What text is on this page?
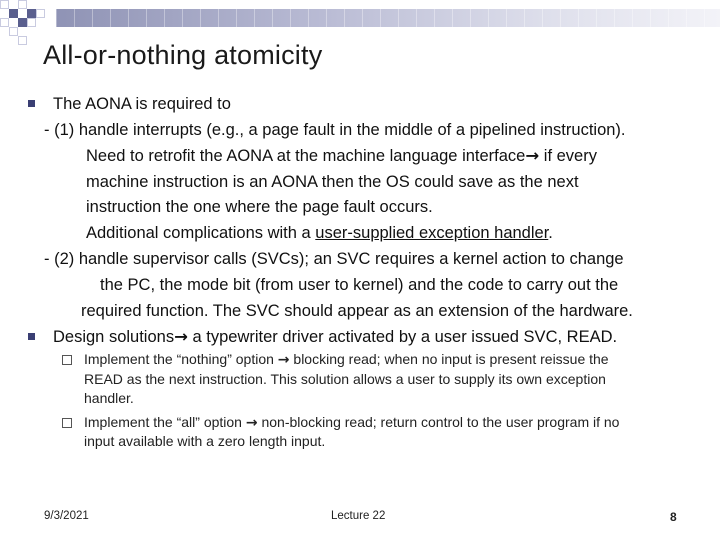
All-or-nothing atomicity
The AONA is required to
- (1) handle interrupts (e.g., a page fault in the middle of a pipelined instruction).
Need to retrofit the AONA at the machine language interface→ if every
machine instruction is an AONA then the OS could save as the next
instruction the one where the page fault occurs.
Additional complications with a user-supplied exception handler.
- (2) handle supervisor calls (SVCs); an SVC requires a kernel action to change
the PC, the mode bit (from user to kernel) and the code to carry out the
required function. The SVC should appear as an extension of the hardware.
Design solutions→ a typewriter driver activated by a user issued SVC, READ.
Implement the “nothing” option → blocking read; when no input is present reissue the
READ as the next instruction. This solution allows a user to supply its own exception
handler.
Implement the “all” option → non-blocking read; return control to the user program if no
input available with a zero length input.
9/3/2021	Lecture 22	8
